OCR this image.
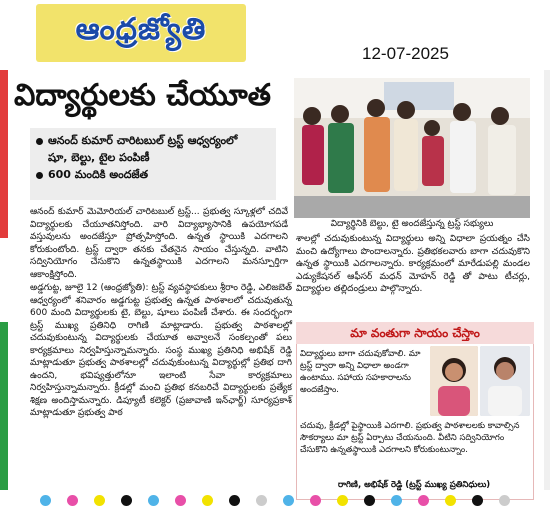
ఆంధ్రజ్యోతి
12-07-2025
విద్యార్థులకు చేయూత
ఆనంద్ కుమార్ చారిటబుల్ ట్రస్ట్ ఆధ్వర్యంలో
షూ, బెల్టు, టైల పంపిణీ
600 మందికి అందజేత
ఆనంద్ కుమార్ మెమోరియల్ చారిటబుల్ ట్రస్ట్... ప్రభుత్వ స్కూళ్లలో చదివే విద్యార్థులకు చేయూతనిస్తోంది. వారి విద్యాభ్యాసానికి ఉపయోగపడే వస్తువులను అందజేస్తూ ప్రోత్సహిస్తోంది. ఉన్నత స్థాయికి ఎదగాలని కోరుకుంటోంది. ట్రస్ట్ ద్వారా తనకు చేతనైన సాయం చేస్తున్నది. వాటిని సద్వినియోగం చేసుకొని ఉన్నతస్థాయికి ఎదగాలని మనస్పూర్తిగా ఆకాంక్షిస్తోంది.
అడ్డగుట్ట, జూలై 12 (ఆంధ్రజ్యోతి): ట్రస్ట్ వ్యవస్థాపకులు శ్రీరాం రెడ్డి, ఎలిజబెత్ ఆధ్వర్యంలో శనివారం అడ్డగుట్ట ప్రభుత్వ ఉన్నత పాఠశాలలో చదువుతున్న 600 మంది విద్యార్థులకు టై, బెల్టు, షూలు పంపిణీ చేశారు. ఈ సందర్భంగా ట్రస్ట్ ముఖ్య ప్రతినిధి రాగిణి మాట్లాడారు. ప్రభుత్వ పాఠశాలల్లో చదువుకుంటున్న విద్యార్థులకు చేయూత అవ్వాలనే సంకల్పంతో పలు కార్యక్రమాలు నిర్వహిస్తున్నామన్నారు. సంస్థ ముఖ్య ప్రతినిధి అభిషేక్ రెడ్డి మాట్లాడుతూ ప్రభుత్వ పాఠశాలల్లో చదువుకుంటున్న విద్యార్థుల్లో ప్రతిభ దాగి ఉందని, భవిష్యత్తులోనూ ఇలాంటి సేవా కార్యక్రమాలు నిర్వహిస్తున్నామన్నారు. క్రీడల్లో మంచి ప్రతిభ కనబరిచే విద్యార్థులకు ప్రత్యేక శిక్షణ అందిస్తామన్నారు. డిప్యూటీ కలెక్టర్ (ప్రజావాణి ఇన్‌ఛార్జ్) సూర్యప్రకాశ్ మాట్లాడుతూ ప్రభుత్వ పాఠ
విద్యార్థినికి బెల్టు, టై అందజేస్తున్న ట్రస్ట్ సభ్యులు
శాలల్లో చదువుకుంటున్న విద్యార్థులు అన్ని విధాలా ప్రయత్నం చేసి మంచి ఉద్యోగాలు పొందాలన్నారు. ప్రతిభకలవారు బాగా చదువుకొని ఉన్నత స్థాయికి ఎదగాలన్నారు. కార్యక్రమంలో మారేడుపల్లి మండల ఎడ్యుకేషనల్ ఆఫీసర్ మధన్ మోహన్ రెడ్డి తో పాటు టీచర్లు, విద్యార్థుల తల్లిదండ్రులు పాల్గొన్నారు.
మా వంతుగా సాయం చేస్తాం
విద్యార్థులు బాగా చదువుకోవాలి. మా ట్రస్ట్ ద్వారా అన్ని విధాలా అండగా ఉంటాము. సహాయ సహకారాలను అందజేస్తాం.
చదువు, క్రీడల్లో పైస్థాయికి ఎదగాలి. ప్రభుత్వ పాఠశాలలకు కావాల్సిన సౌకర్యాలు మా ట్రస్ట్ ఏర్పాటు చేయనుంది. వీటిని సద్వినియోగం చేసుకొని ఉన్నతస్థాయికి ఎదగాలని కోరుకుంటున్నాం.
రాగిణి, అభిషేక్ రెడ్డి (ట్రస్ట్ ముఖ్య ప్రతినిధులు)
